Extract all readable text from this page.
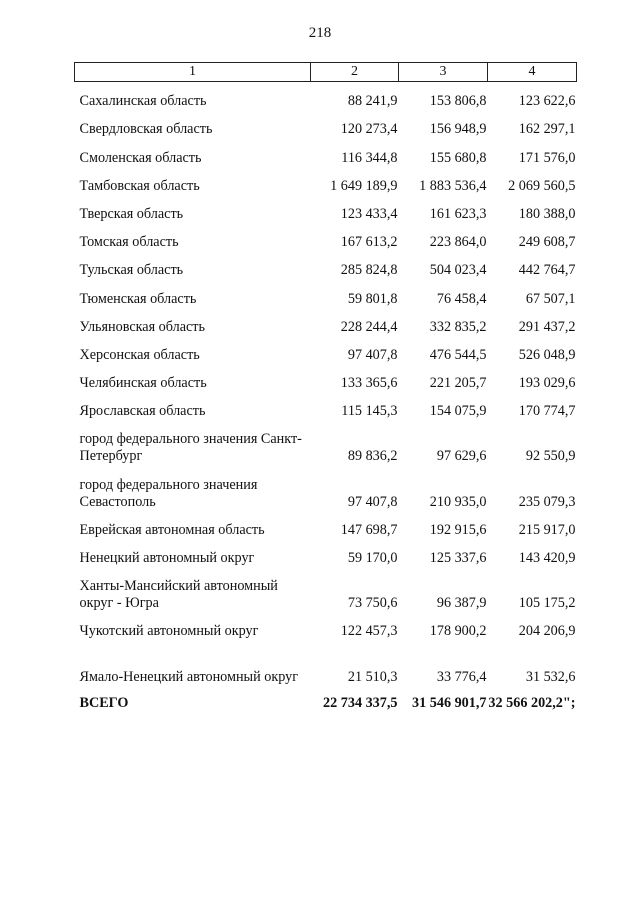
218
1	2	3	4
Сахалинская область	88 241,9	153 806,8	123 622,6
Свердловская область	120 273,4	156 948,9	162 297,1
Смоленская область	116 344,8	155 680,8	171 576,0
Тамбовская область	1 649 189,9	1 883 536,4	2 069 560,5
Тверская область	123 433,4	161 623,3	180 388,0
Томская область	167 613,2	223 864,0	249 608,7
Тульская область	285 824,8	504 023,4	442 764,7
Тюменская область	59 801,8	76 458,4	67 507,1
Ульяновская область	228 244,4	332 835,2	291 437,2
Херсонская область	97 407,8	476 544,5	526 048,9
Челябинская область	133 365,6	221 205,7	193 029,6
Ярославская область	115 145,3	154 075,9	170 774,7
город федерального значения Санкт-Петербург	89 836,2	97 629,6	92 550,9
город федерального значения Севастополь	97 407,8	210 935,0	235 079,3
Еврейская автономная область	147 698,7	192 915,6	215 917,0
Ненецкий автономный округ	59 170,0	125 337,6	143 420,9
Ханты-Мансийский автономный округ - Югра	73 750,6	96 387,9	105 175,2
Чукотский автономный округ	122 457,3	178 900,2	204 206,9
Ямало-Ненецкий автономный округ	21 510,3	33 776,4	31 532,6
ВСЕГО	22 734 337,5	31 546 901,7	32 566 202,2";
